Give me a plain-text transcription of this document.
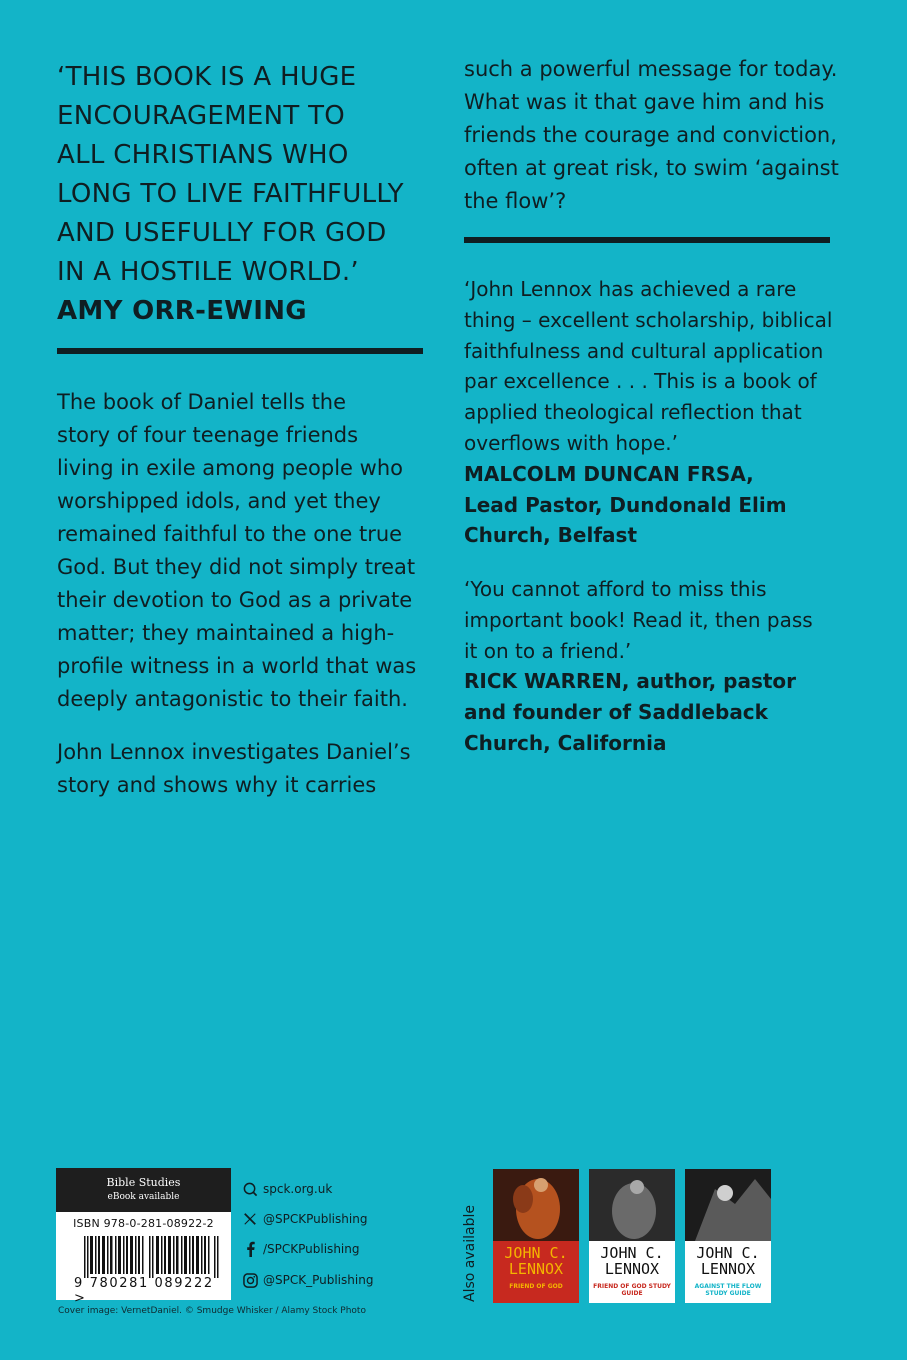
‘THIS BOOK IS A HUGE
ENCOURAGEMENT TO
ALL CHRISTIANS WHO
LONG TO LIVE FAITHFULLY
AND USEFULLY FOR GOD
IN A HOSTILE WORLD.’
AMY ORR-EWING

The book of Daniel tells the
story of four teenage friends
living in exile among people who
worshipped idols, and yet they
remained faithful to the one true
God. But they did not simply treat
their devotion to God as a private
matter; they maintained a high-
profile witness in a world that was
deeply antagonistic to their faith.

John Lennox investigates Daniel’s
story and shows why it carries

such a powerful message for today.
What was it that gave him and his
friends the courage and conviction,
often at great risk, to swim ‘against
the flow’?
‘John Lennox has achieved a rare
thing – excellent scholarship, biblical
faithfulness and cultural application
par excellence . . . This is a book of
applied theological reflection that
overflows with hope.’
MALCOLM DUNCAN FRSA,
Lead Pastor, Dundonald Elim
Church, Belfast
‘You cannot afford to miss this
important book! Read it, then pass
it on to a friend.’
RICK WARREN, author, pastor
and founder of Saddleback
Church, California
Bible Studies
eBook available
ISBN 978-0-281-08922-2
9 780281 089222 >
spck.org.uk
@SPCKPublishing
/SPCKPublishing
@SPCK_Publishing
Cover image: VernetDaniel. © Smudge Whisker / Alamy Stock Photo
Also available	JOHN C.
LENNOX
FRIEND OF GOD
JOHN C.
LENNOX
FRIEND OF GOD STUDY GUIDE
JOHN C.
LENNOX
AGAINST THE FLOW STUDY GUIDE
